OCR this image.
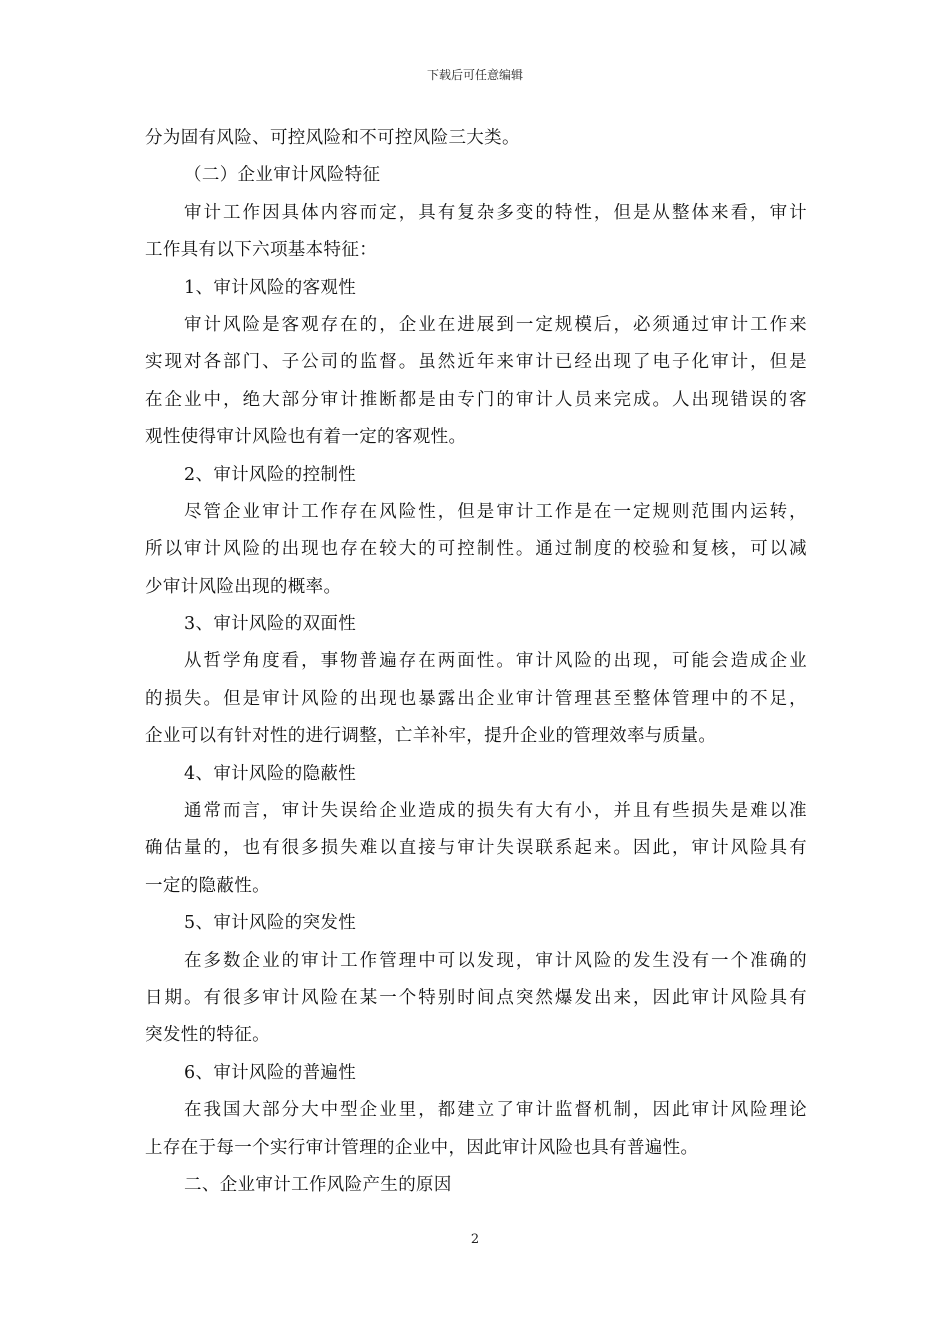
下载后可任意编辑
分为固有风险、可控风险和不可控风险三大类。
（二）企业审计风险特征
审计工作因具体内容而定，具有复杂多变的特性，但是从整体来看，审计
工作具有以下六项基本特征：
1、审计风险的客观性
审计风险是客观存在的，企业在进展到一定规模后，必须通过审计工作来
实现对各部门、子公司的监督。虽然近年来审计已经出现了电子化审计，但是
在企业中，绝大部分审计推断都是由专门的审计人员来完成。人出现错误的客
观性使得审计风险也有着一定的客观性。
2、审计风险的控制性
尽管企业审计工作存在风险性，但是审计工作是在一定规则范围内运转，
所以审计风险的出现也存在较大的可控制性。通过制度的校验和复核，可以减
少审计风险出现的概率。
3、审计风险的双面性
从哲学角度看，事物普遍存在两面性。审计风险的出现，可能会造成企业
的损失。但是审计风险的出现也暴露出企业审计管理甚至整体管理中的不足，
企业可以有针对性的进行调整，亡羊补牢，提升企业的管理效率与质量。
4、审计风险的隐蔽性
通常而言，审计失误给企业造成的损失有大有小，并且有些损失是难以准
确估量的，也有很多损失难以直接与审计失误联系起来。因此，审计风险具有
一定的隐蔽性。
5、审计风险的突发性
在多数企业的审计工作管理中可以发现，审计风险的发生没有一个准确的
日期。有很多审计风险在某一个特别时间点突然爆发出来，因此审计风险具有
突发性的特征。
6、审计风险的普遍性
在我国大部分大中型企业里，都建立了审计监督机制，因此审计风险理论
上存在于每一个实行审计管理的企业中，因此审计风险也具有普遍性。
二、企业审计工作风险产生的原因
2
